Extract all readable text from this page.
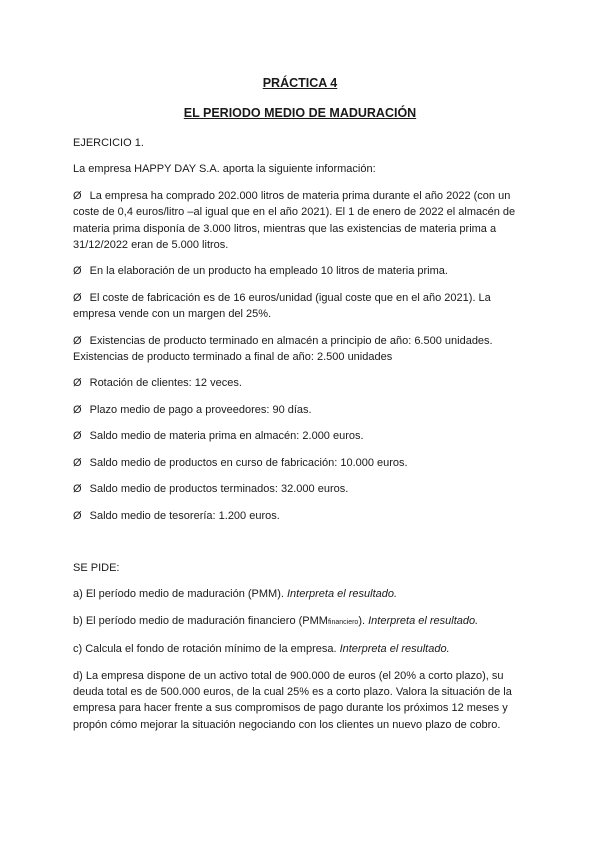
PRÁCTICA 4

EL PERIODO MEDIO DE MADURACIÓN

EJERCICIO 1.

La empresa HAPPY DAY S.A. aporta la siguiente información:

Ø La empresa ha comprado 202.000 litros de materia prima durante el año 2022 (con un coste de 0,4 euros/litro –al igual que en el año 2021). El 1 de enero de 2022 el almacén de materia prima disponía de 3.000 litros, mientras que las existencias de materia prima a 31/12/2022 eran de 5.000 litros.

Ø En la elaboración de un producto ha empleado 10 litros de materia prima.

Ø El coste de fabricación es de 16 euros/unidad (igual coste que en el año 2021). La empresa vende con un margen del 25%.

Ø Existencias de producto terminado en almacén a principio de año: 6.500 unidades. Existencias de producto terminado a final de año: 2.500 unidades

Ø Rotación de clientes: 12 veces.

Ø Plazo medio de pago a proveedores: 90 días.

Ø Saldo medio de materia prima en almacén: 2.000 euros.

Ø Saldo medio de productos en curso de fabricación: 10.000 euros.

Ø Saldo medio de productos terminados: 32.000 euros.

Ø Saldo medio de tesorería: 1.200 euros.

SE PIDE:

a) El período medio de maduración (PMM). Interpreta el resultado.

b) El período medio de maduración financiero (PMMfinanciero). Interpreta el resultado.

c) Calcula el fondo de rotación mínimo de la empresa. Interpreta el resultado.

d) La empresa dispone de un activo total de 900.000 de euros (el 20% a corto plazo), su deuda total es de 500.000 euros, de la cual 25% es a corto plazo. Valora la situación de la empresa para hacer frente a sus compromisos de pago durante los próximos 12 meses y propón cómo mejorar la situación negociando con los clientes un nuevo plazo de cobro.
